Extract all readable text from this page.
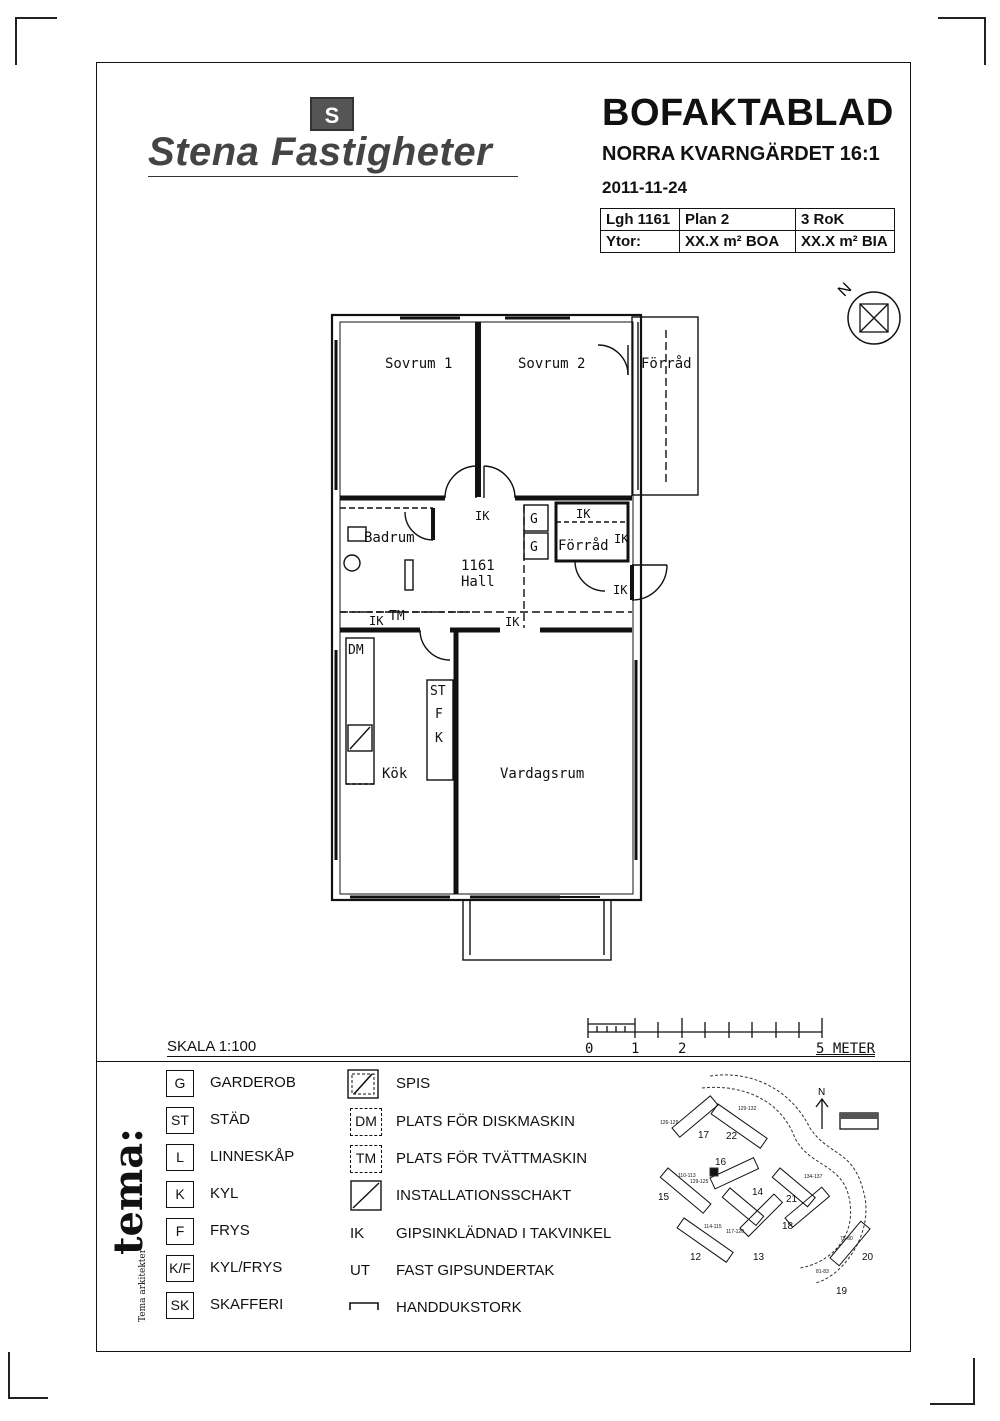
S
Stena Fastigheter
BOFAKTABLAD
NORRA KVARNGÄRDET 16:1
2011-11-24
Lgh 1161	Plan 2	3 RoK
Ytor:	XX.X m² BOA	XX.X m² BIA
N
Sovrum 1	Sovrum 2	Förråd
Badrum
1161
Hall
Förråd
Kök	Vardagsrum
IK	IK
IK
IK
IK	IK
G
G
TM
DM
ST
F
K
SKALA 1:100	0	1	2	5 METER
G	GARDEROB
ST	STÄD
L	LINNESKÅP
K	KYL
F	FRYS
K/F KYL/FRYS
SK	SKAFFERI
SPIS
DM	PLATS FÖR DISKMASKIN
TM	PLATS FÖR TVÄTTMASKIN
INSTALLATIONSSCHAKT
IK GIPSINKLÄDNAD I TAKVINKEL
UT FAST GIPSUNDERTAK
HANDDUKSTORK
17 22
16
15	14
21
18
12	13	20
19
126-129
129-132
110-113
129-125
134-137
114-115
117-120
78-80
81-83
N
tema:
Tema arkitekter
